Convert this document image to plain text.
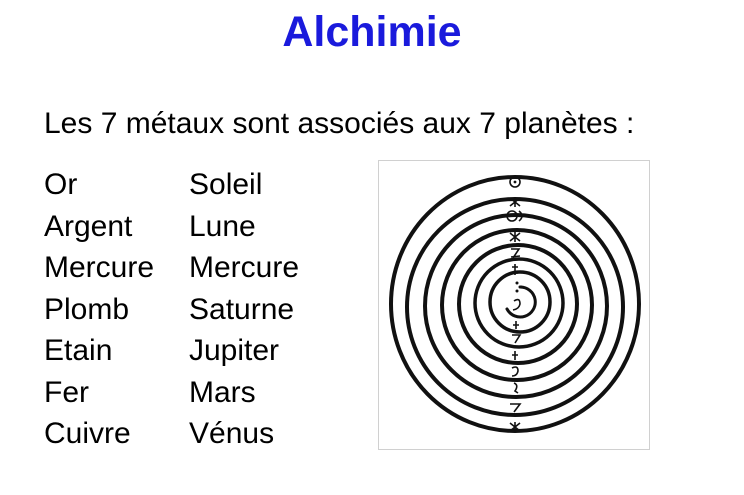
Alchimie
Les 7 métaux sont associés aux 7 planètes :
Or	Soleil
Argent Lune
Mercure Mercure
Plomb Saturne
Etain	Jupiter
Fer	Mars
Cuivre Vénus
